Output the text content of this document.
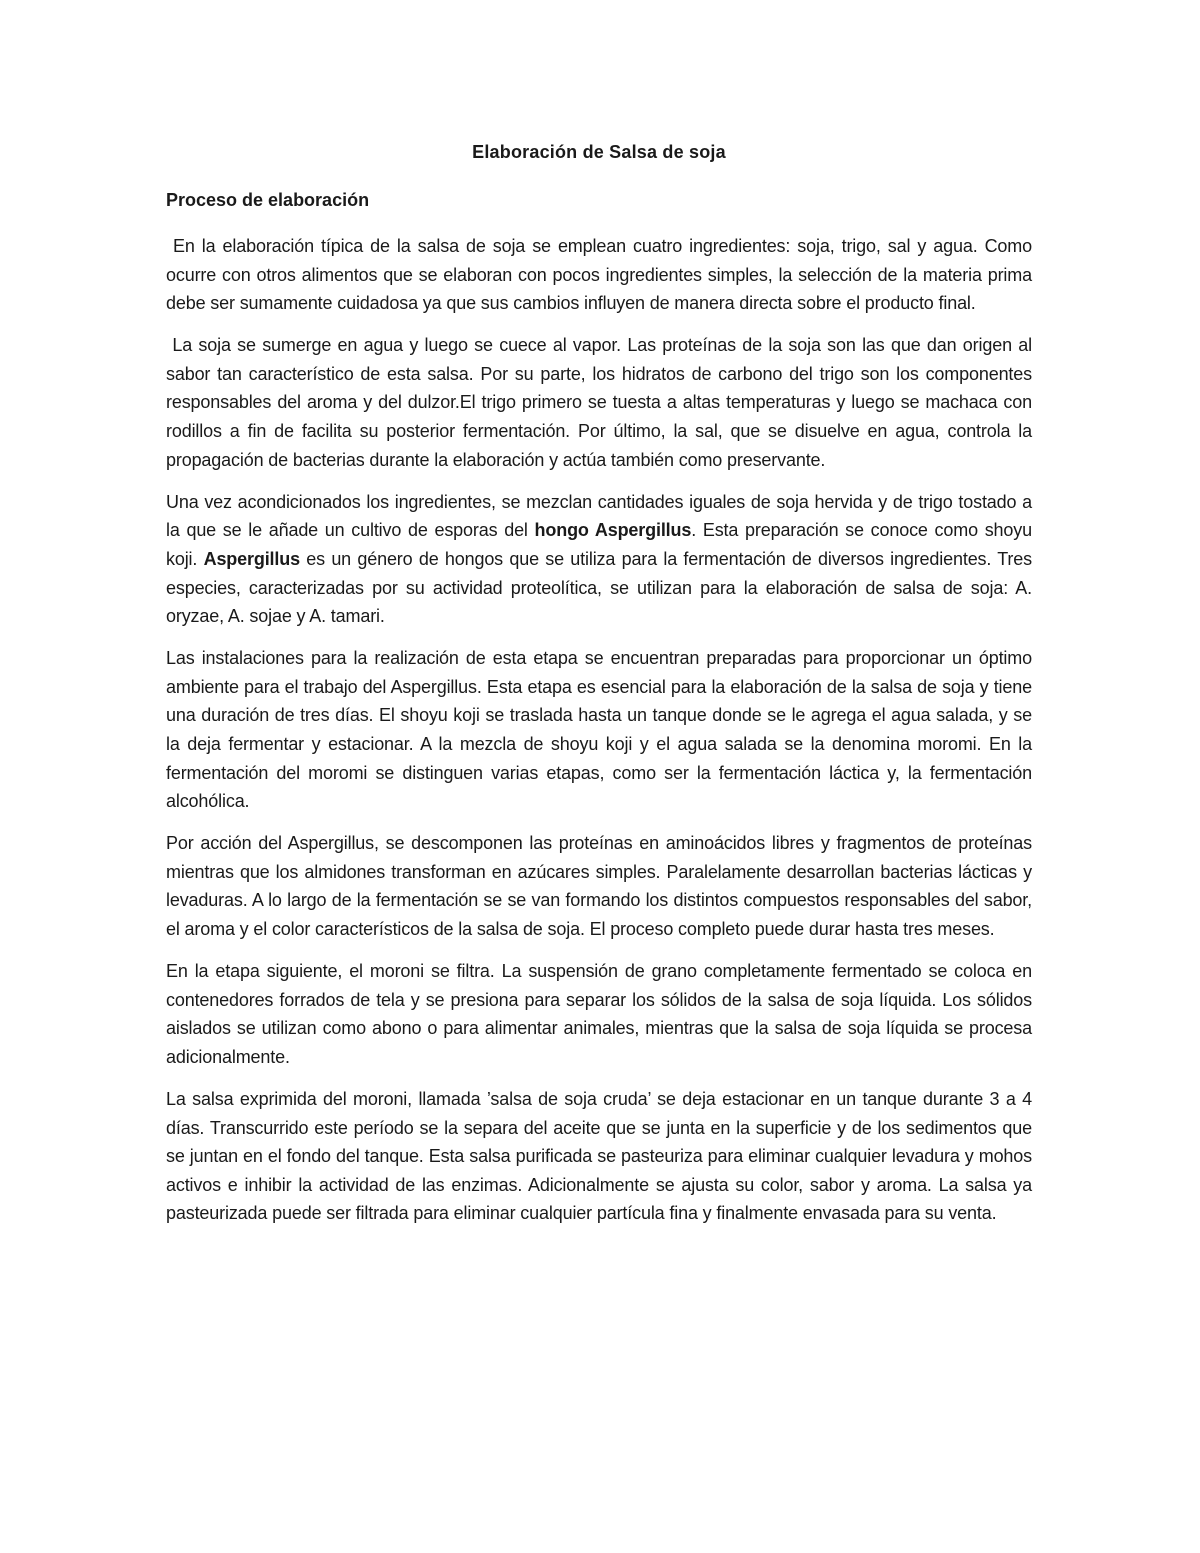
Elaboración de Salsa de soja
Proceso de elaboración

En la elaboración típica de la salsa de soja se emplean cuatro ingredientes: soja, trigo, sal y agua. Como ocurre con otros alimentos que se elaboran con pocos ingredientes simples, la selección de la materia prima debe ser sumamente cuidadosa ya que sus cambios influyen de manera directa sobre el producto final.

La soja se sumerge en agua y luego se cuece al vapor. Las proteínas de la soja son las que dan origen al sabor tan característico de esta salsa. Por su parte, los hidratos de carbono del trigo son los componentes responsables del aroma y del dulzor.El trigo primero se tuesta a altas temperaturas y luego se machaca con rodillos a fin de facilita su posterior fermentación. Por último, la sal, que se disuelve en agua, controla la propagación de bacterias durante la elaboración y actúa también como preservante.

Una vez acondicionados los ingredientes, se mezclan cantidades iguales de soja hervida y de trigo tostado a la que se le añade un cultivo de esporas del hongo Aspergillus. Esta preparación se conoce como shoyu koji. Aspergillus es un género de hongos que se utiliza para la fermentación de diversos ingredientes. Tres especies, caracterizadas por su actividad proteolítica, se utilizan para la elaboración de salsa de soja: A. oryzae, A. sojae y A. tamari.

Las instalaciones para la realización de esta etapa se encuentran preparadas para proporcionar un óptimo ambiente para el trabajo del Aspergillus. Esta etapa es esencial para la elaboración de la salsa de soja y tiene una duración de tres días. El shoyu koji se traslada hasta un tanque donde se le agrega el agua salada, y se la deja fermentar y estacionar. A la mezcla de shoyu koji y el agua salada se la denomina moromi. En la fermentación del moromi se distinguen varias etapas, como ser la fermentación láctica y, la fermentación alcohólica.

Por acción del Aspergillus, se descomponen las proteínas en aminoácidos libres y fragmentos de proteínas mientras que los almidones transforman en azúcares simples. Paralelamente desarrollan bacterias lácticas y levaduras. A lo largo de la fermentación se se van formando los distintos compuestos responsables del sabor, el aroma y el color característicos de la salsa de soja. El proceso completo puede durar hasta tres meses.

En la etapa siguiente, el moroni se filtra. La suspensión de grano completamente fermentado se coloca en contenedores forrados de tela y se presiona para separar los sólidos de la salsa de soja líquida. Los sólidos aislados se utilizan como abono o para alimentar animales, mientras que la salsa de soja líquida se procesa adicionalmente.

La salsa exprimida del moroni, llamada ’salsa de soja cruda’ se deja estacionar en un tanque durante 3 a 4 días. Transcurrido este período se la separa del aceite que se junta en la superficie y de los sedimentos que se juntan en el fondo del tanque. Esta salsa purificada se pasteuriza para eliminar cualquier levadura y mohos activos e inhibir la actividad de las enzimas. Adicionalmente se ajusta su color, sabor y aroma. La salsa ya pasteurizada puede ser filtrada para eliminar cualquier partícula fina y finalmente envasada para su venta.
